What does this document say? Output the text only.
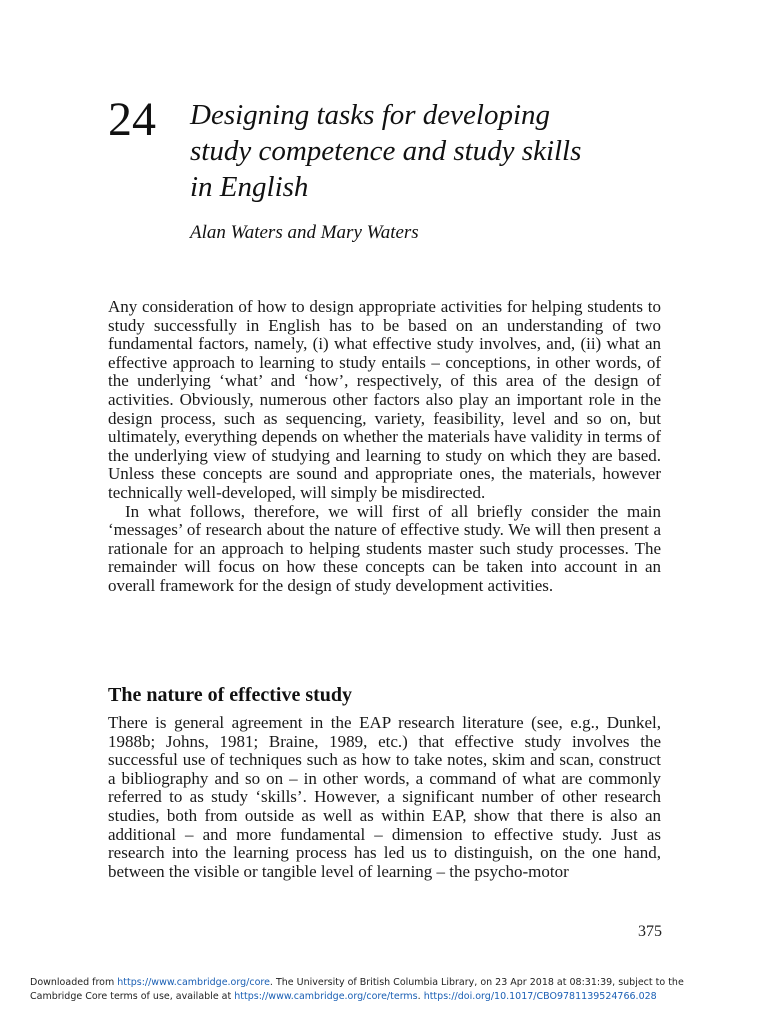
24 Designing tasks for developing
study competence and study skills
in English
Alan Waters and Mary Waters

Any consideration of how to design appropriate activities for helping students to study successfully in English has to be based on an understanding of two fundamental factors, namely, (i) what effective study involves, and, (ii) what an effective approach to learning to study entails – conceptions, in other words, of the underlying ‘what’ and ‘how’, respectively, of this area of the design of activities. Obviously, numerous other factors also play an important role in the design process, such as sequencing, variety, feasibility, level and so on, but ultimately, everything depends on whether the materials have validity in terms of the underlying view of studying and learning to study on which they are based. Unless these concepts are sound and appropriate ones, the materials, however technically well-developed, will simply be misdirected.

In what follows, therefore, we will first of all briefly consider the main ‘messages’ of research about the nature of effective study. We will then present a rationale for an approach to helping students master such study processes. The remainder will focus on how these concepts can be taken into account in an overall framework for the design of study development activities.

The nature of effective study

There is general agreement in the EAP research literature (see, e.g., Dunkel, 1988b; Johns, 1981; Braine, 1989, etc.) that effective study involves the successful use of techniques such as how to take notes, skim and scan, construct a bibliography and so on – in other words, a command of what are commonly referred to as study ‘skills’. However, a significant number of other research studies, both from outside as well as within EAP, show that there is also an additional – and more fundamental – dimension to effective study. Just as research into the learning process has led us to distinguish, on the one hand, between the visible or tangible level of learning – the psycho-motor

375
Downloaded from https://www.cambridge.org/core. The University of British Columbia Library, on 23 Apr 2018 at 08:31:39, subject to the
Cambridge Core terms of use, available at https://www.cambridge.org/core/terms. https://doi.org/10.1017/CBO9781139524766.028
